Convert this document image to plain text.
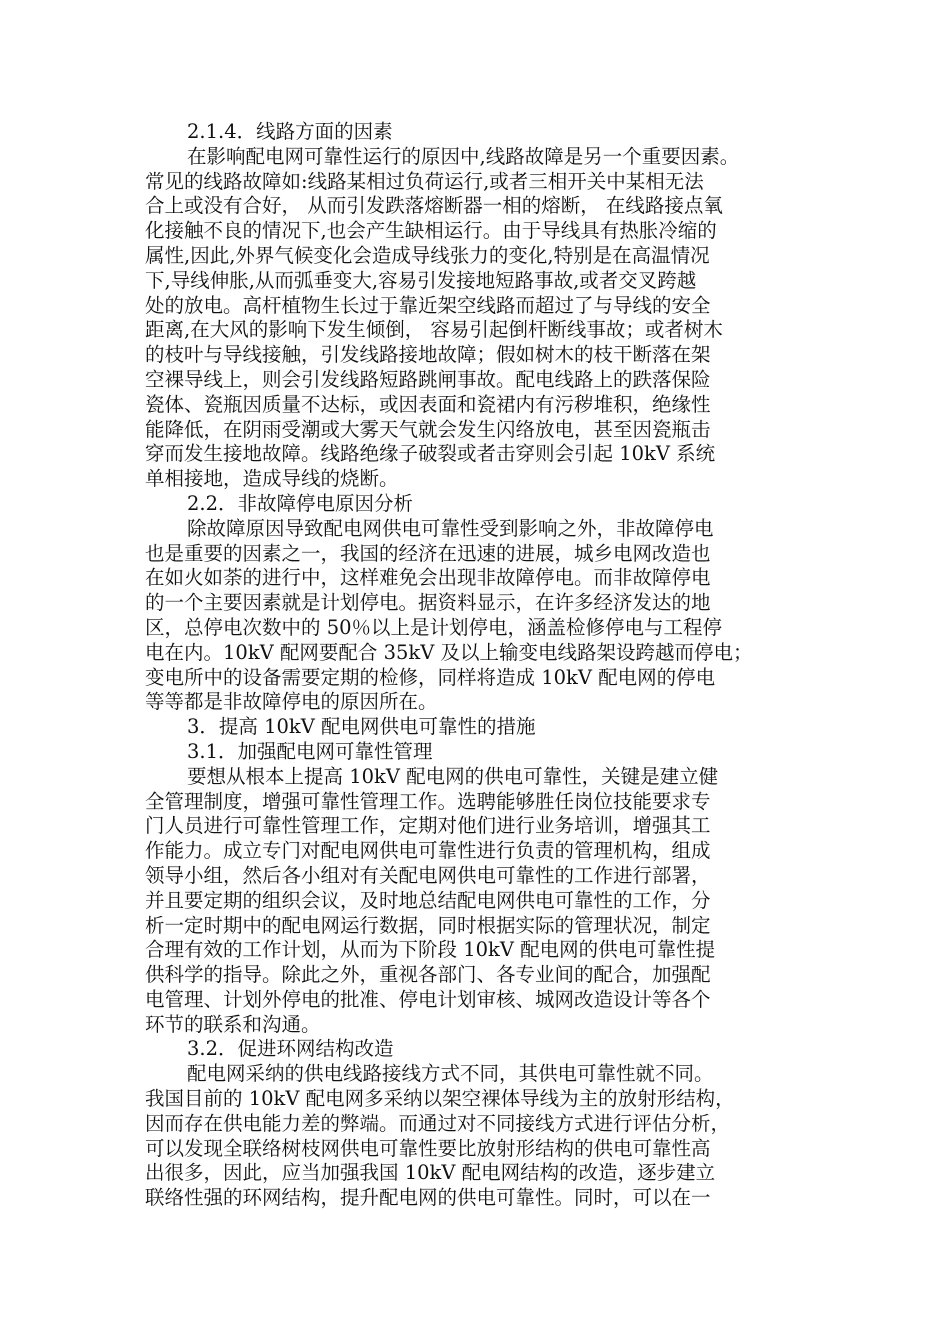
2.1.4．线路方面的因素
在影响配电网可靠性运行的原因中,线路故障是另一个重要因素。
常见的线路故障如:线路某相过负荷运行,或者三相开关中某相无法
合上或没有合好， 从而引发跌落熔断器一相的熔断， 在线路接点氧
化接触不良的情况下,也会产生缺相运行。由于导线具有热胀冷缩的
属性,因此,外界气候变化会造成导线张力的变化,特别是在高温情况
下,导线伸胀,从而弧垂变大,容易引发接地短路事故,或者交叉跨越
处的放电。高杆植物生长过于靠近架空线路而超过了与导线的安全
距离,在大风的影响下发生倾倒， 容易引起倒杆断线事故；或者树木
的枝叶与导线接触，引发线路接地故障；假如树木的枝干断落在架
空裸导线上，则会引发线路短路跳闸事故。配电线路上的跌落保险
瓷体、瓷瓶因质量不达标，或因表面和瓷裙内有污秽堆积，绝缘性
能降低，在阴雨受潮或大雾天气就会发生闪络放电，甚至因瓷瓶击
穿而发生接地故障。线路绝缘子破裂或者击穿则会引起 10kV 系统
单相接地，造成导线的烧断。
2.2．非故障停电原因分析
除故障原因导致配电网供电可靠性受到影响之外，非故障停电
也是重要的因素之一，我国的经济在迅速的进展，城乡电网改造也
在如火如荼的进行中，这样难免会出现非故障停电。而非故障停电
的一个主要因素就是计划停电。据资料显示，在许多经济发达的地
区，总停电次数中的 50％以上是计划停电，涵盖检修停电与工程停
电在内。10kV 配网要配合 35kV 及以上输变电线路架设跨越而停电；
变电所中的设备需要定期的检修，同样将造成 10kV 配电网的停电
等等都是非故障停电的原因所在。
3．提高 10kV 配电网供电可靠性的措施
3.1．加强配电网可靠性管理
要想从根本上提高 10kV 配电网的供电可靠性，关键是建立健
全管理制度，增强可靠性管理工作。选聘能够胜任岗位技能要求专
门人员进行可靠性管理工作，定期对他们进行业务培训，增强其工
作能力。成立专门对配电网供电可靠性进行负责的管理机构，组成
领导小组，然后各小组对有关配电网供电可靠性的工作进行部署，
并且要定期的组织会议，及时地总结配电网供电可靠性的工作，分
析一定时期中的配电网运行数据，同时根据实际的管理状况，制定
合理有效的工作计划，从而为下阶段 10kV 配电网的供电可靠性提
供科学的指导。除此之外，重视各部门、各专业间的配合，加强配
电管理、计划外停电的批准、停电计划审核、城网改造设计等各个
环节的联系和沟通。
3.2．促进环网结构改造
配电网采纳的供电线路接线方式不同，其供电可靠性就不同。
我国目前的 10kV 配电网多采纳以架空裸体导线为主的放射形结构，
因而存在供电能力差的弊端。而通过对不同接线方式进行评估分析，
可以发现全联络树枝网供电可靠性要比放射形结构的供电可靠性高
出很多，因此，应当加强我国 10kV 配电网结构的改造，逐步建立
联络性强的环网结构，提升配电网的供电可靠性。同时，可以在一
